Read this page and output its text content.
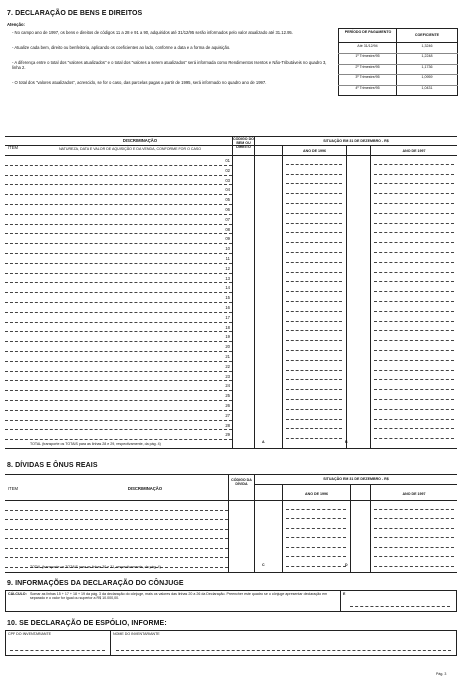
7. DECLARAÇÃO DE BENS E DIREITOS
Atenção:
- No campo ano de 1997, os bens e direitos de códigos 11 a 28 e 91 a 90, adquiridos até 31/12/95 serão informados pelo valor atualizado até 31.12.95.
- Atualize cada bem, direito ou benfeitoria, aplicando os coeficientes ao lado, conforme a data e a forma de aquisição.
- A diferença entre o total dos "valores atualizados" e o total dos "valores a serem atualizados" será informada como Rendimentos Isentos e Não-Tributáveis no quadro 3, linha 2.
- O total dos "valores atualizados", acrescido, se for o caso, das parcelas pagas a partir de 1995, será informado no quadro ano de 1997.
PERÍODO DE PAGAMENTO
COEFICIENTE
Até 31/12/94	1,3246
1º Trimestre/95	1,2248
2º Trimestre/95	1,1736
3º Trimestre/95	1,0959
4º Trimestre/95	1,0431
ITEM
DISCRIMINAÇÃO
NATUREZA, DATA E VALOR DE AQUISIÇÃO E DA VENDA, CONFORME FOR O CASO
CÓDIGO DO BEM OU DIREITO
SITUAÇÃO EM 31 DE DEZEMBRO - R$
ANO DE 1996	ANO DE 1997
01
02
03
04
05
06
07
08
09
10
11
12
13
14
15
16
17
18
19
20
21
22
23
24
25
26
27
28
29
TOTAL (transporte os TOTAIS para as linhas 28 e 29, respectivamente, da pág. 4)	A	B
8. DÍVIDAS E ÔNUS REAIS
ITEM	DISCRIMINAÇÃO
CÓDIGO DA DÍVIDA
SITUAÇÃO EM 31 DE DEZEMBRO - R$
ANO DE 1996	ANO DE 1997
TOTAL (transporte os TOTAIS para as linhas 30 e 31, respectivamente, da pág. 4)	C	D
9. INFORMAÇÕES DA DECLARAÇÃO DO CÔNJUGE
CÁLCULO: Somar as linhas 15 + 17 + 18 + 19 da pág. 3 da declaração do cônjuge, mais os valores das linhas 20 a 26 da Declaração. Preencher este quadro se o cônjuge apresentar declaração em separado e o valor for igual ou superior a R$ 10.000,00.
E
10. SE DECLARAÇÃO DE ESPÓLIO, INFORME:
CPF DO INVENTARIANTE	NOME DO INVENTARIANTE
Pág. 3
